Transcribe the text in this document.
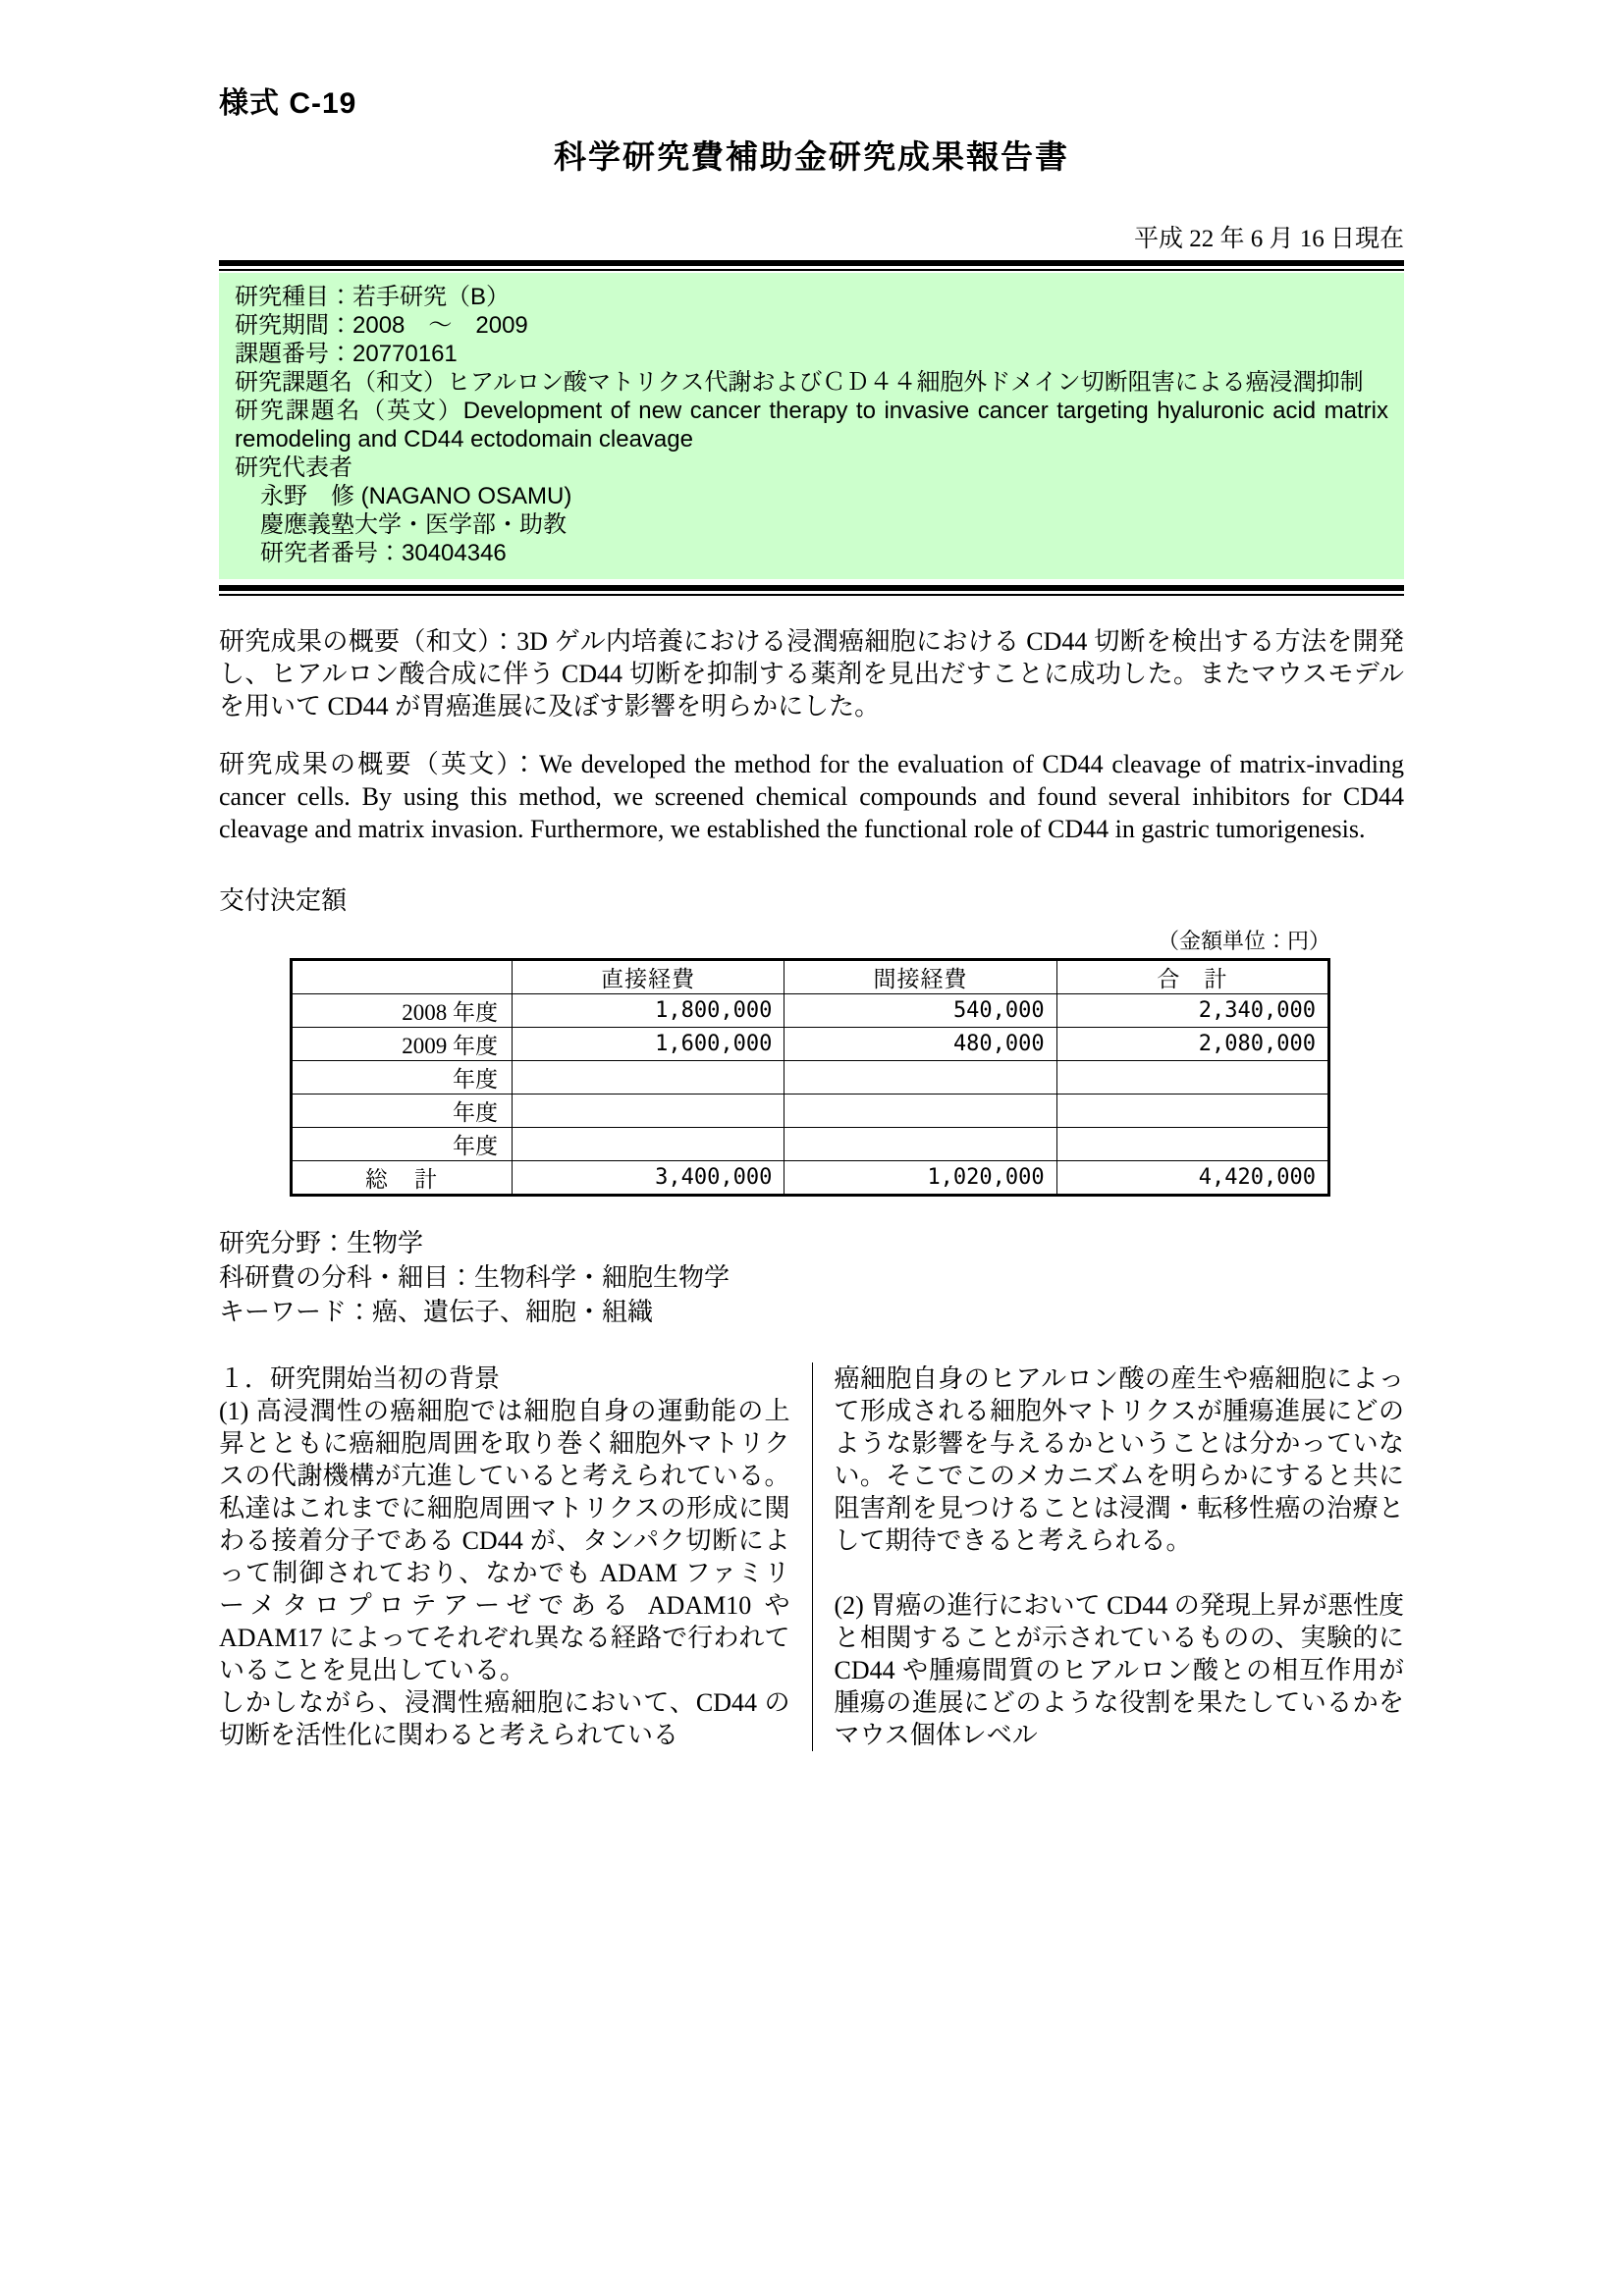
様式 C-19
科学研究費補助金研究成果報告書
平成 22 年 6 月 16 日現在
研究種目：若手研究（B）
研究期間：2008　～　2009
課題番号：20770161
研究課題名（和文）ヒアルロン酸マトリクス代謝およびＣＤ４４細胞外ドメイン切断阻害による癌浸潤抑制
研究課題名（英文）Development of new cancer therapy to invasive cancer targeting hyaluronic acid matrix remodeling and CD44 ectodomain cleavage
研究代表者
永野　修 (NAGANO OSAMU)
慶應義塾大学・医学部・助教
研究者番号：30404346

研究成果の概要（和文）：3D ゲル内培養における浸潤癌細胞における CD44 切断を検出する方法を開発し、ヒアルロン酸合成に伴う CD44 切断を抑制する薬剤を見出だすことに成功した。またマウスモデルを用いて CD44 が胃癌進展に及ぼす影響を明らかにした。

研究成果の概要（英文）：We developed the method for the evaluation of CD44 cleavage of matrix-invading cancer cells. By using this method, we screened chemical compounds and found several inhibitors for CD44 cleavage and matrix invasion. Furthermore, we established the functional role of CD44 in gastric tumorigenesis.

交付決定額
（金額単位：円）
	直接経費	間接経費	合　計
2008 年度	1,800,000	540,000	2,340,000
2009 年度	1,600,000	480,000	2,080,000
年度			
年度			
年度			
総　計	3,400,000	1,020,000	4,420,000
研究分野：生物学
科研費の分科・細目：生物科学・細胞生物学
キーワード：癌、遺伝子、細胞・組織

１．研究開始当初の背景

(1) 高浸潤性の癌細胞では細胞自身の運動能の上昇とともに癌細胞周囲を取り巻く細胞外マトリクスの代謝機構が亢進していると考えられている。私達はこれまでに細胞周囲マトリクスの形成に関わる接着分子である CD44 が、タンパク切断によって制御されており、なかでも ADAM ファミリーメタロプロテアーゼである ADAM10 や ADAM17 によってそれぞれ異なる経路で行われていることを見出している。

しかしながら、浸潤性癌細胞において、CD44 の切断を活性化に関わると考えられている

癌細胞自身のヒアルロン酸の産生や癌細胞によって形成される細胞外マトリクスが腫瘍進展にどのような影響を与えるかということは分かっていない。そこでこのメカニズムを明らかにすると共に阻害剤を見つけることは浸潤・転移性癌の治療として期待できると考えられる。

(2) 胃癌の進行において CD44 の発現上昇が悪性度と相関することが示されているものの、実験的に CD44 や腫瘍間質のヒアルロン酸との相互作用が腫瘍の進展にどのような役割を果たしているかをマウス個体レベル
